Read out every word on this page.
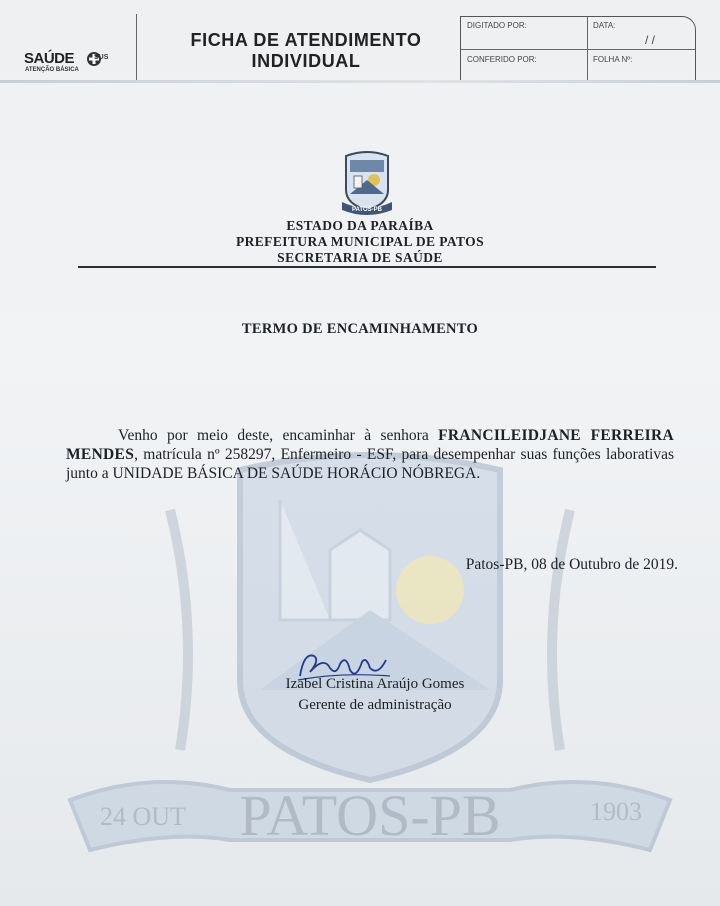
SAÚDE
ATENÇÃO BÁSICA
SUS
FICHA DE ATENDIMENTO
INDIVIDUAL
DIGITADO POR:	DATA:
/ /
CONFERIDO POR:	FOLHA Nº:
24 OUT PATOS-PB	1903
PATOS-PB
ESTADO DA PARAÍBA
PREFEITURA MUNICIPAL DE PATOS
SECRETARIA DE SAÚDE
TERMO DE ENCAMINHAMENTO
Venho por meio deste, encaminhar à senhora FRANCILEIDJANE FERREIRA MENDES, matrícula nº 258297, Enfermeiro - ESF, para desempenhar suas funções laborativas junto a UNIDADE BÁSICA DE SAÚDE HORÁCIO NÓBREGA.
Patos-PB, 08 de Outubro de 2019.
Izabel Cristina Araújo Gomes
Gerente de administração
